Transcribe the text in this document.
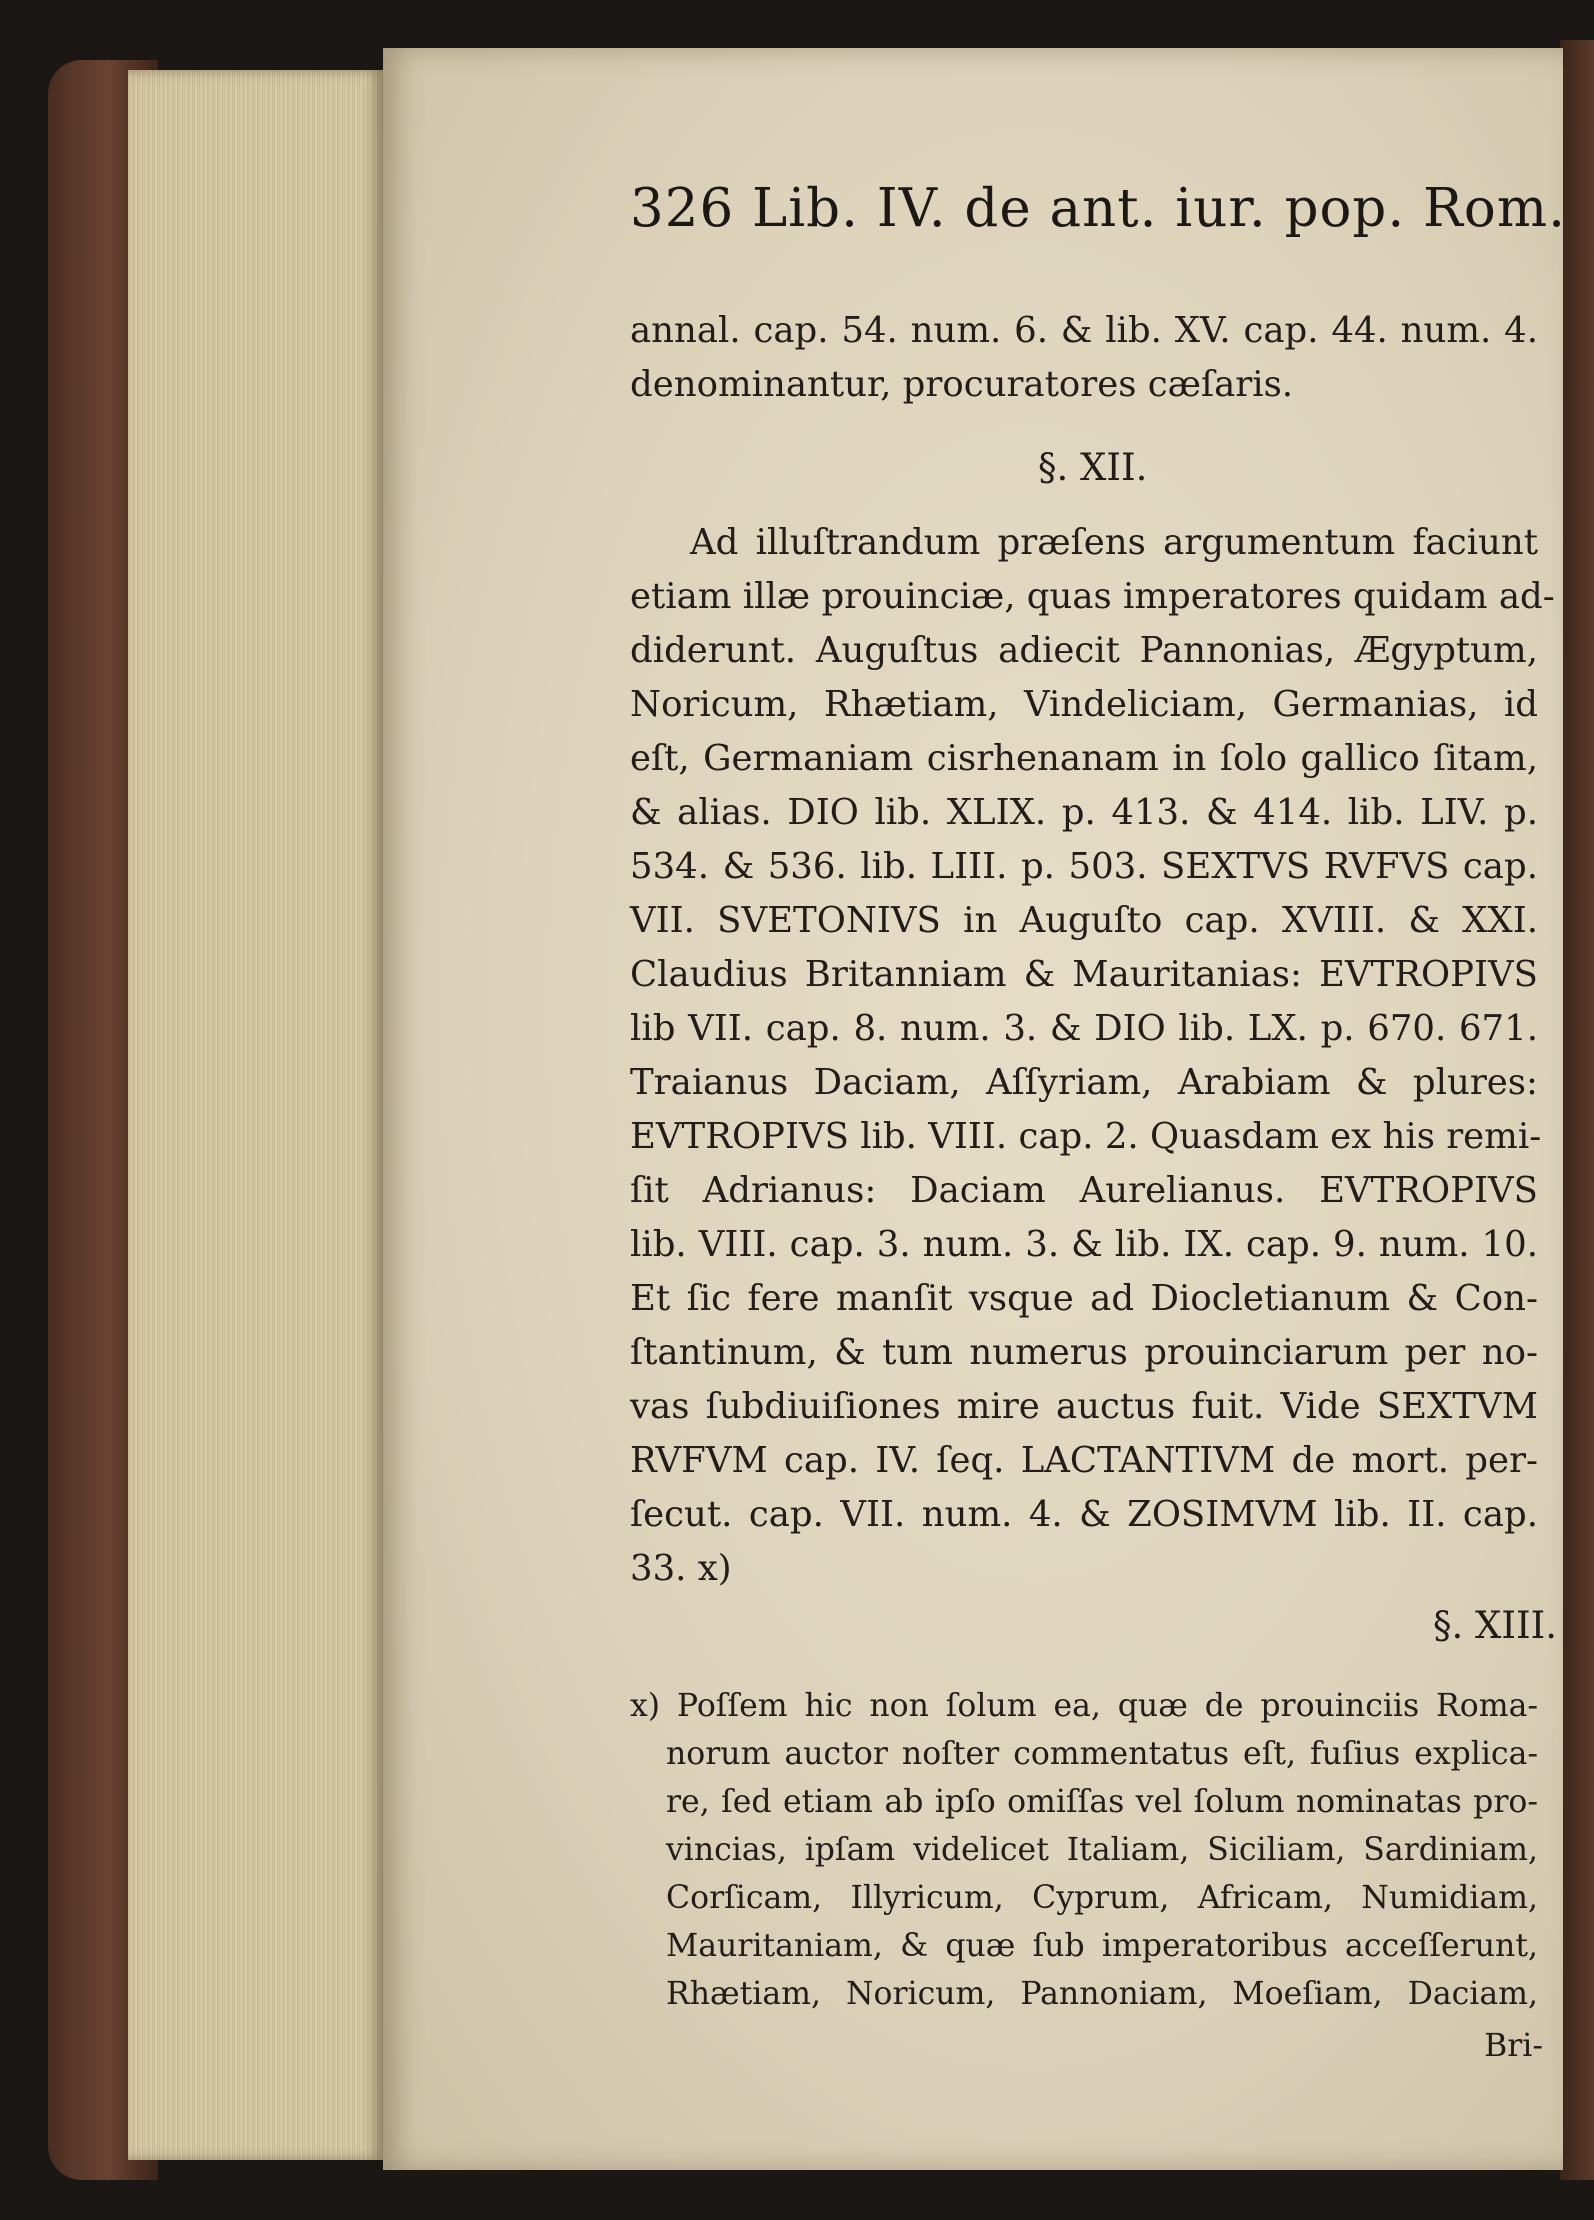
326 Lib. IV. de ant. iur. pop. Rom.
annal. cap. 54. num. 6. & lib. XV. cap. 44. num. 4.
denominantur, procuratores cæſaris.
§. XII.
Ad illuſtrandum præſens argumentum faciunt
etiam illæ prouinciæ, quas imperatores quidam ad-
diderunt. Auguſtus adiecit Pannonias, Ægyptum,
Noricum, Rhætiam, Vindeliciam, Germanias, id
eſt, Germaniam cisrhenanam in ſolo gallico ſitam,
& alias. DIO lib. XLIX. p. 413. & 414. lib. LIV. p.
534. & 536. lib. LIII. p. 503. SEXTVS RVFVS cap.
VII. SVETONIVS in Auguſto cap. XVIII. & XXI.
Claudius Britanniam & Mauritanias: EVTROPIVS
lib VII. cap. 8. num. 3. & DIO lib. LX. p. 670. 671.
Traianus Daciam, Aſſyriam, Arabiam & plures:
EVTROPIVS lib. VIII. cap. 2. Quasdam ex his remi-
ſit Adrianus: Daciam Aurelianus. EVTROPIVS
lib. VIII. cap. 3. num. 3. & lib. IX. cap. 9. num. 10.
Et ſic fere manſit vsque ad Diocletianum & Con-
ſtantinum, & tum numerus prouinciarum per no-
vas ſubdiuiſiones mire auctus fuit. Vide SEXTVM
RVFVM cap. IV. ſeq. LACTANTIVM de mort. per-
ſecut. cap. VII. num. 4. & ZOSIMVM lib. II. cap.
33. x)
§. XIII.
x) Poſſem hic non ſolum ea, quæ de prouinciis Roma-
norum auctor noſter commentatus eſt, fuſius explica-
re, ſed etiam ab ipſo omiſſas vel ſolum nominatas pro-
vincias, ipſam videlicet Italiam, Siciliam, Sardiniam,
Corſicam, Illyricum, Cyprum, Africam, Numidiam,
Mauritaniam, & quæ ſub imperatoribus acceſſerunt,
Rhætiam, Noricum, Pannoniam, Moeſiam, Daciam,
Bri-
